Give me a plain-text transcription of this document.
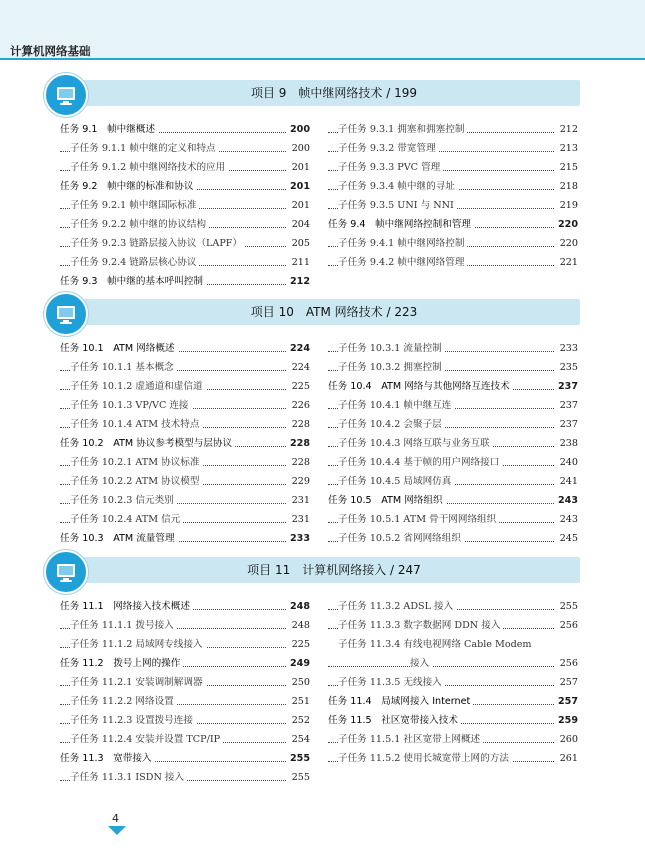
计算机网络基础
项目 9　帧中继网络技术 / 199
任务 9.1　帧中继概述	200
子任务 9.1.1 帧中继的定义和特点	200
子任务 9.1.2 帧中继网络技术的应用	201
任务 9.2　帧中继的标准和协议	201
子任务 9.2.1 帧中继国际标准	201
子任务 9.2.2 帧中继的协议结构	204
子任务 9.2.3 链路层接入协议（LAPF）	205
子任务 9.2.4 链路层核心协议	211
任务 9.3　帧中继的基本呼叫控制	212
子任务 9.3.1 拥塞和拥塞控制	212
子任务 9.3.2 带宽管理	213
子任务 9.3.3 PVC 管理	215
子任务 9.3.4 帧中继的寻址	218
子任务 9.3.5 UNI 与 NNI	219
任务 9.4　帧中继网络控制和管理	220
子任务 9.4.1 帧中继网络控制	220
子任务 9.4.2 帧中继网络管理	221
项目 10　ATM 网络技术 / 223
任务 10.1　ATM 网络概述	224
子任务 10.1.1 基本概念	224
子任务 10.1.2 虚通道和虚信道	225
子任务 10.1.3 VP/VC 连接	226
子任务 10.1.4 ATM 技术特点	228
任务 10.2　ATM 协议参考模型与层协议	228
子任务 10.2.1 ATM 协议标准	228
子任务 10.2.2 ATM 协议模型	229
子任务 10.2.3 信元类别	231
子任务 10.2.4 ATM 信元	231
任务 10.3　ATM 流量管理	233
子任务 10.3.1 流量控制	233
子任务 10.3.2 拥塞控制	235
任务 10.4　ATM 网络与其他网络互连技术	237
子任务 10.4.1 帧中继互连	237
子任务 10.4.2 会聚子层	237
子任务 10.4.3 网络互联与业务互联	238
子任务 10.4.4 基于帧的用户网络接口	240
子任务 10.4.5 局域网仿真	241
任务 10.5　ATM 网络组织	243
子任务 10.5.1 ATM 骨干网网络组织	243
子任务 10.5.2 省网网络组织	245
项目 11　计算机网络接入 / 247
任务 11.1　网络接入技术概述	248
子任务 11.1.1 拨号接入	248
子任务 11.1.2 局域网专线接入	225
任务 11.2　拨号上网的操作	249
子任务 11.2.1 安装调制解调器	250
子任务 11.2.2 网络设置	251
子任务 11.2.3 设置拨号连接	252
子任务 11.2.4 安装并设置 TCP/IP	254
任务 11.3　宽带接入	255
子任务 11.3.1 ISDN 接入	255
子任务 11.3.2 ADSL 接入	255
子任务 11.3.3 数字数据网 DDN 接入	256
子任务 11.3.4 有线电视网络 Cable Modem
接入	256
子任务 11.3.5 无线接入	257
任务 11.4　局域网接入 Internet	257
任务 11.5　社区宽带接入技术	259
子任务 11.5.1 社区宽带上网概述	260
子任务 11.5.2 使用长城宽带上网的方法	261
4
